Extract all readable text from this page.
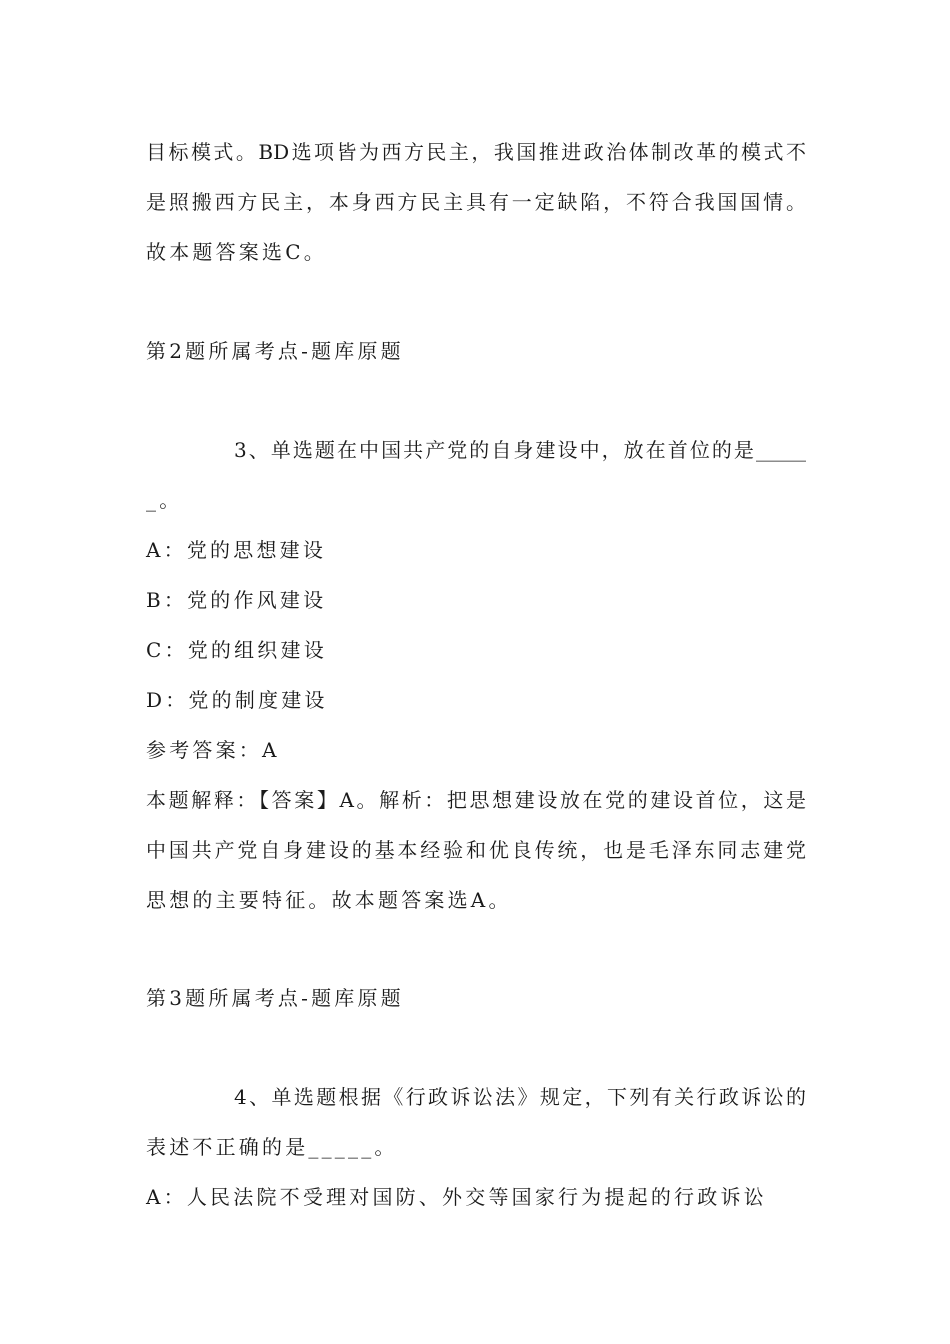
目标模式。BD选项皆为西方民主，我国推进政治体制改革的模式不
是照搬西方民主，本身西方民主具有一定缺陷，不符合我国国情。
故本题答案选C。
第2题所属考点-题库原题
3、单选题在中国共产党的自身建设中，放在首位的是_____
_。
A：党的思想建设
B：党的作风建设
C：党的组织建设
D：党的制度建设
参考答案：A
本题解释：【答案】A。解析：把思想建设放在党的建设首位，这是
中国共产党自身建设的基本经验和优良传统，也是毛泽东同志建党
思想的主要特征。故本题答案选A。
第3题所属考点-题库原题
4、单选题根据《行政诉讼法》规定，下列有关行政诉讼的
表述不正确的是_____。
A：人民法院不受理对国防、外交等国家行为提起的行政诉讼
